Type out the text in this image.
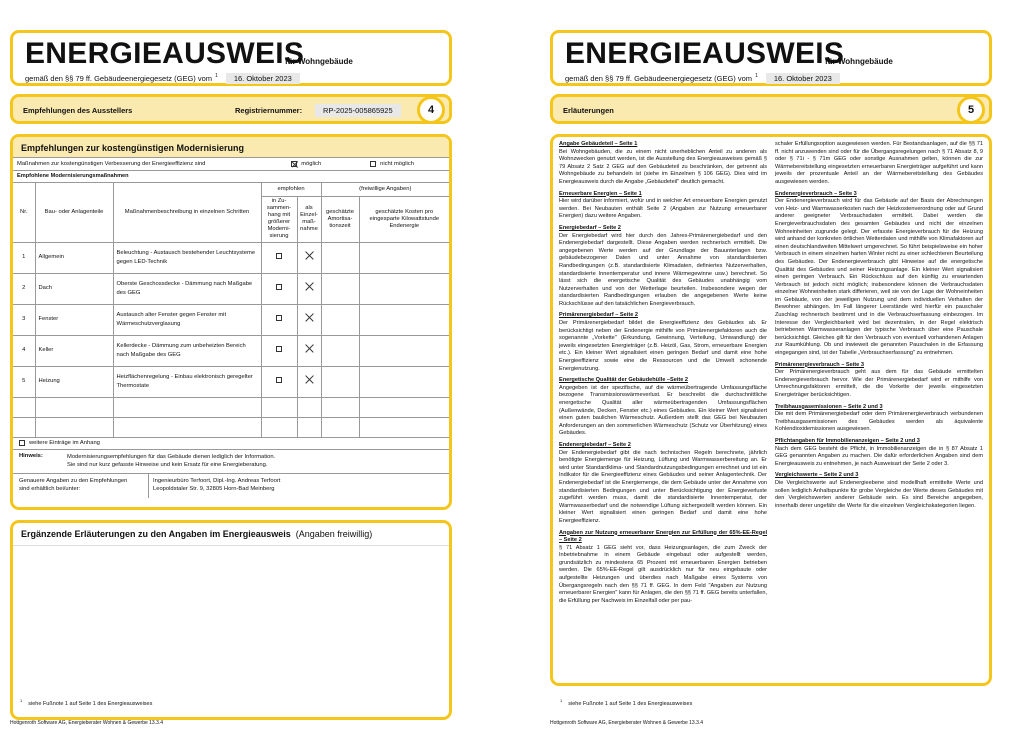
ENERGIEAUSWEIS
für Wohngebäude
gemäß den §§ 79 ff. Gebäudeenergiegesetz (GEG) vom $^1$	16. Oktober 2023
Empfehlungen des Ausstellers	Registriernummer:	RP-2025-005865925	4
Empfehlungen zur kostengünstigen Modernisierung
Maßnahmen zur kostengünstigen Verbesserung der Energieeffizienz sind	möglich	nicht möglich
Empfohlene Modernisierungsmaßnahmen
Nr.	Bau- oder Anlagenteile	Maßnahmenbeschreibung in einzelnen Schritten	empfohlen		(freiwillige Angaben)	
			in Zu-sammen-hang mit größerer Moderni-sierung	als Einzel-maß-nahme	geschätzte Amortisa-tionszeit	geschätzte Kosten pro eingesparte Kilowattstunde Endenergie
1	Allgemein	Beleuchtung - Austausch bestehender Leuchtsysteme gegen LED-Technik				
2	Dach	Oberste Geschossdecke - Dämmung nach Maßgabe des GEG				
3	Fenster	Austausch alter Fenster gegen Fenster mit Wärmeschutzverglasung				
4	Keller	Kellerdecke - Dämmung zum unbeheizten Bereich nach Maßgabe des GEG				
5	Heizung	Heizflächenregelung - Einbau elektronisch geregelter Thermostate				

weitere Einträge im Anhang
Hinweis:	Modernisierungsempfehlungen für das Gebäude dienen lediglich der Information.
Sie sind nur kurz gefasste Hinweise und kein Ersatz für eine Energieberatung.
Genauere Angaben zu den Empfehlungen
sind erhältlich bei/unter:
Ingenieurbüro Terfoort, Dipl.-Ing. Andreas Terfoort
Leopoldstaler Str. 9, 32805 Horn-Bad Meinberg
Ergänzende Erläuterungen zu den Angaben im Energieausweis (Angaben freiwillig)
$^1$siehe Fußnote 1 auf Seite 1 des Energieausweises
Hottgenroth Software AG, Energieberater Wohnen & Gewerbe 13.3.4
ENERGIEAUSWEIS
für Wohngebäude
gemäß den §§ 79 ff. Gebäudeenergiegesetz (GEG) vom $^1$	16. Oktober 2023
Erläuterungen	5
Angabe Gebäudeteil – Seite 1

Bei Wohngebäuden, die zu einem nicht unerheblichen Anteil zu anderen als Wohnzwecken genutzt werden, ist die Ausstellung des Energieausweises gemäß § 79 Absatz 2 Satz 2 GEG auf den Gebäudeteil zu beschränken, der getrennt als Wohngebäude zu behandeln ist (siehe im Einzelnen § 106 GEG). Dies wird im Energieausweis durch die Angabe „Gebäudeteil" deutlich gemacht.

Erneuerbare Energien – Seite 1

Hier wird darüber informiert, wofür und in welcher Art erneuerbare Energien genutzt werden. Bei Neubauten enthält Seite 2 (Angaben zur Nutzung erneuerbarer Energien) dazu weitere Angaben.

Energiebedarf – Seite 2

Der Energiebedarf wird hier durch den Jahres-Primärenergiebedarf und den Endenergiebedarf dargestellt. Diese Angaben werden rechnerisch ermittelt. Die angegebenen Werte werden auf der Grundlage der Bauunterlagen bzw. gebäudebezogener Daten und unter Annahme von standardisierten Randbedingungen (z.B. standardisierte Klimadaten, definiertes Nutzerverhalten, standardisierte Innentemperatur und innere Wärmegewinne usw.) berechnet. So lässt sich die energetische Qualität des Gebäudes unabhängig vom Nutzerverhalten und von der Wetterlage beurteilen. Insbesondere wegen der standardisierten Randbedingungen erlauben die angegebenen Werte keine Rückschlüsse auf den tatsächlichen Energieverbrauch.

Primärenergiebedarf – Seite 2

Der Primärenergiebedarf bildet die Energieeffizienz des Gebäudes ab. Er berücksichtigt neben der Endenergie mithilfe von Primärenergiefaktoren auch die sogenannte „Vorkette" (Erkundung, Gewinnung, Verteilung, Umwandlung) der jeweils eingesetzten Energieträger (z.B. Heizöl, Gas, Strom, erneuerbare Energien etc.). Ein kleiner Wert signalisiert einen geringen Bedarf und damit eine hohe Energieeffizienz sowie eine die Ressourcen und die Umwelt schonende Energienutzung.

Energetische Qualität der Gebäudehülle –Seite 2

Angegeben ist der spezifische, auf die wärmeübertragende Umfassungsfläche bezogene Transmissionswärmeverlust. Er beschreibt die durchschnittliche energetische Qualität aller wärmeübertragenden Umfassungsflächen (Außenwände, Decken, Fenster etc.) eines Gebäudes. Ein kleiner Wert signalisiert einen guten baulichen Wärmeschutz. Außerdem stellt das GEG bei Neubauten Anforderungen an den sommerlichen Wärmeschutz (Schutz vor Überhitzung) eines Gebäudes.

Endenergiebedarf – Seite 2

Der Endenergiebedarf gibt die nach technischen Regeln berechnete, jährlich benötigte Energiemenge für Heizung, Lüftung und Warmwasserbereitung an. Er wird unter Standardklima- und Standardnutzungsbedingungen errechnet und ist ein Indikator für die Energieeffizienz eines Gebäudes und seiner Anlagentechnik. Der Endenergiebedarf ist die Energiemenge, die dem Gebäude unter der Annahme von standardisierten Bedingungen und unter Berücksichtigung der Energieverluste zugeführt werden muss, damit die standardisierte Innentemperatur, der Warmwasserbedarf und die notwendige Lüftung sichergestellt werden können. Ein kleiner Wert signalisiert einen geringen Bedarf und damit eine hohe Energieeffizienz.

Angaben zur Nutzung erneuerbarer Energien zur Erfüllung der 65%-EE-Regel – Seite 2

§ 71 Absatz 1 GEG sieht vor, dass Heizungsanlagen, die zum Zweck der Inbetriebnahme in einem Gebäude eingebaut oder aufgestellt werden, grundsätzlich zu mindestens 65 Prozent mit erneuerbaren Energien betrieben werden. Die 65%-EE-Regel gilt ausdrücklich nur für neu eingebaute oder aufgestellte Heizungen und überdies nach Maßgabe eines Systems von Übergangsregeln nach den §§ 71 ff. GEG. In dem Feld "Angaben zur Nutzung erneuerbarer Energien" kann für Anlagen, die den §§ 71 ff. GEG bereits unterfallen, die Erfüllung per Nachweis im Einzelfall oder per pau-

schaler Erfüllungsoption ausgewiesen werden. Für Bestandsanlagen, auf die §§ 71 ff. nicht anzuwenden sind oder für die Übergangsregelungen nach § 71 Absatz 8, 9 oder § 71i - § 71m GEG oder sonstige Ausnahmen gelten, können die zur Wärmebereitstellung eingesetzten erneuerbaren Energieträger aufgeführt und kann jeweils der prozentuale Anteil an der Wärmebereitstellung des Gebäudes ausgewiesen werden.

Endenergieverbrauch – Seite 3

Der Endenergieverbrauch wird für das Gebäude auf der Basis der Abrechnungen von Heiz- und Warmwasserkosten nach der Heizkostenverordnung oder auf Grund anderer geeigneter Verbrauchsdaten ermittelt. Dabei werden die Energieverbrauchsdaten des gesamten Gebäudes und nicht der einzelnen Wohneinheiten zugrunde gelegt. Der erfasste Energieverbrauch für die Heizung wird anhand der konkreten örtlichen Wetterdaten und mithilfe von Klimafaktoren auf einen deutschlandweiten Mittelwert umgerechnet. So führt beispielsweise ein hoher Verbrauch in einem einzelnen harten Winter nicht zu einer schlechteren Beurteilung des Gebäudes. Der Endenergieverbrauch gibt Hinweise auf die energetische Qualität des Gebäudes und seiner Heizungsanlage. Ein kleiner Wert signalisiert einen geringen Verbrauch. Ein Rückschluss auf den künftig zu erwartenden Verbrauch ist jedoch nicht möglich; insbesondere können die Verbrauchsdaten einzelner Wohneinheiten stark differieren, weil sie von der Lage der Wohneinheiten im Gebäude, von der jeweiligen Nutzung und dem individuellen Verhalten der Bewohner abhängen. Im Fall längerer Leerstände wird hierfür ein pauschaler Zuschlag rechnerisch bestimmt und in die Verbrauchserfassung einbezogen. Im Interesse der Vergleichbarkeit wird bei dezentralen, in der Regel elektrisch betriebenen Warmwasseranlagen der typische Verbrauch über eine Pauschale berücksichtigt. Gleiches gilt für den Verbrauch von eventuell vorhandenen Anlagen zur Raumkühlung. Ob und inwieweit die genannten Pauschalen in die Erfassung eingegangen sind, ist der Tabelle „Verbrauchserfassung" zu entnehmen.

Primärenergieverbrauch – Seite 3

Der Primärenergieverbrauch geht aus dem für das Gebäude ermittelten Endenergieverbrauch hervor. Wie der Primärenergiebedarf wird er mithilfe von Umrechnungsfaktoren ermittelt, die die Vorkette der jeweils eingesetzten Energieträger berücksichtigen.

Treibhausgasemissionen – Seite 2 und 3

Die mit dem Primärenergiebedarf oder dem Primärenergieverbrauch verbundenen Treibhausgasemissionen des Gebäudes werden als äquivalente Kohlendioxidemissionen ausgewiesen.

Pflichtangaben für Immobilienanzeigen – Seite 2 und 3

Nach dem GEG besteht die Pflicht, in Immobilienanzeigen die in § 87 Absatz 1 GEG genannten Angaben zu machen. Die dafür erforderlichen Angaben sind dem Energieausweis zu entnehmen, je nach Ausweisart der Seite 2 oder 3.

Vergleichswerte – Seite 2 und 3

Die Vergleichswerte auf Endenergieebene sind modellhaft ermittelte Werte und sollen lediglich Anhaltspunkte für grobe Vergleiche der Werte dieses Gebäudes mit den Vergleichswerten anderer Gebäude sein. Es sind Bereiche angegeben, innerhalb derer ungefähr die Werte für die einzelnen Vergleichskategorien liegen.

$^1$siehe Fußnote 1 auf Seite 1 des Energieausweises
Hottgenroth Software AG, Energieberater Wohnen & Gewerbe 13.3.4
